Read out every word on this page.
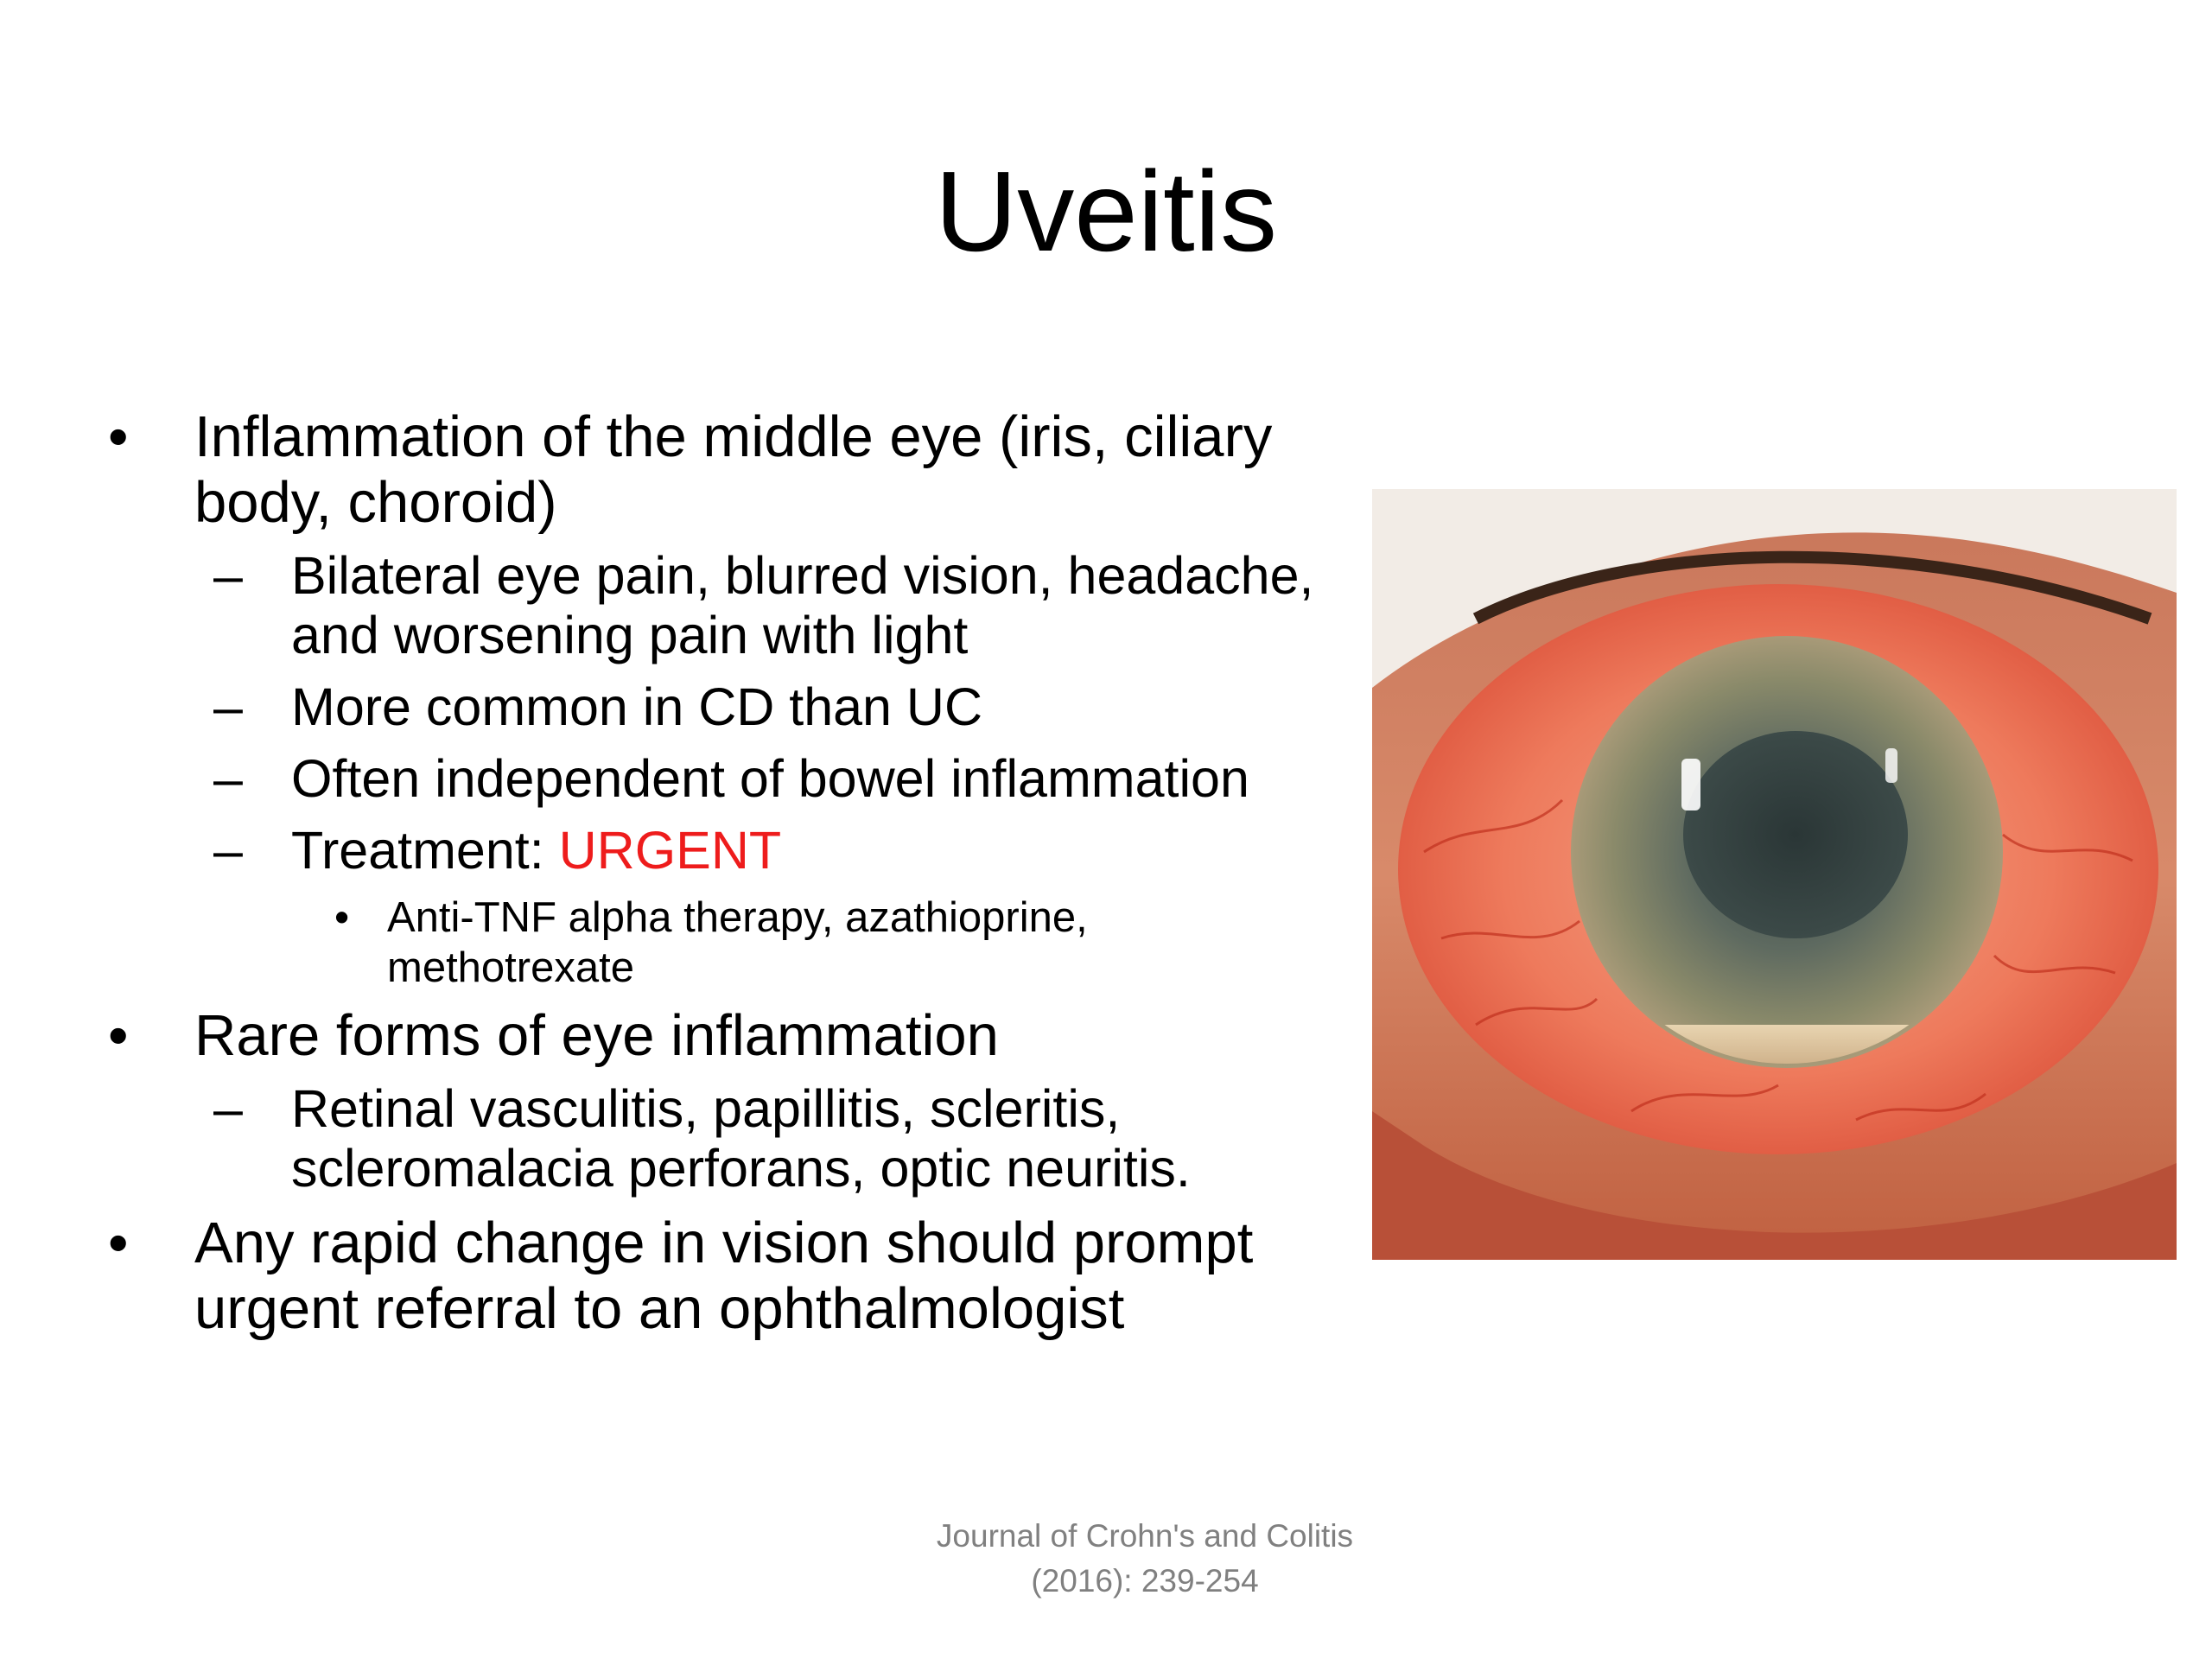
Uveitis
• Inflammation of the middle eye (iris, ciliary body, choroid)
– Bilateral eye pain, blurred vision, headache, and worsening pain with light
– More common in CD than UC
– Often independent of bowel inflammation
– Treatment: URGENT
• Anti-TNF alpha therapy, azathioprine, methotrexate
• Rare forms of eye inflammation
– Retinal vasculitis, papillitis, scleritis, scleromalacia perforans, optic neuritis.
• Any rapid change in vision should prompt urgent referral to an ophthalmologist
Journal of Crohn's and Colitis
(2016): 239-254
